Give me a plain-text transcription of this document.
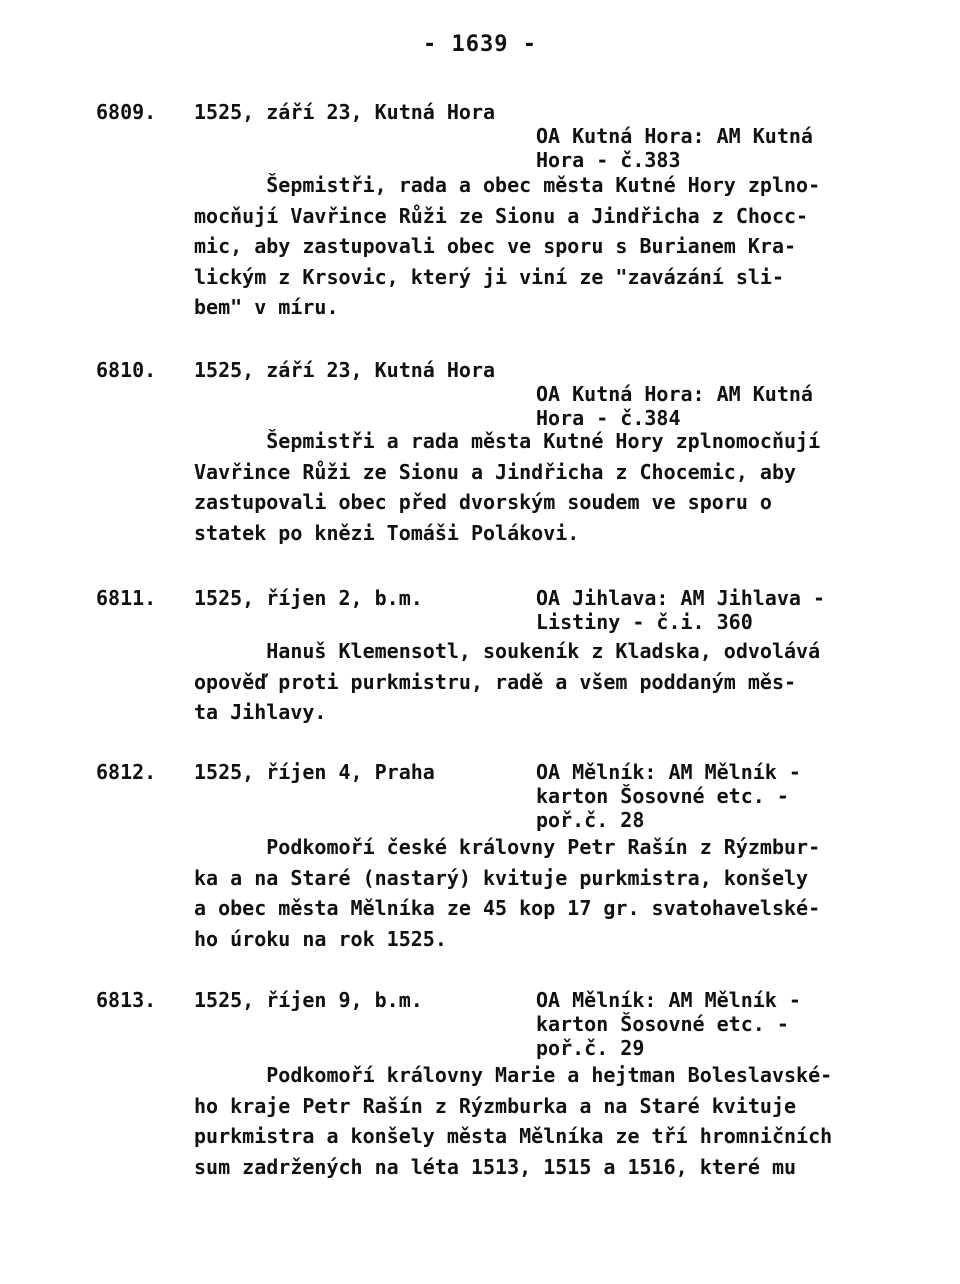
- 1639 -
6809. 1525, září 23, Kutná Hora
OA Kutná Hora: AM Kutná
Hora - č.383
Šepmistři, rada a obec města Kutné Hory zplno-
mocňují Vavřince Růži ze Sionu a Jindřicha z Chocc-
mic, aby zastupovali obec ve sporu s Burianem Kra-
lickým z Krsovic, který ji viní ze "zavázání sli-
bem" v míru.
6810. 1525, září 23, Kutná Hora
OA Kutná Hora: AM Kutná
Hora - č.384
Šepmistři a rada města Kutné Hory zplnomocňují
Vavřince Růži ze Sionu a Jindřicha z Chocemic, aby
zastupovali obec před dvorským soudem ve sporu o
statek po knězi Tomáši Polákovi.
6811. 1525, říjen 2, b.m.	OA Jihlava: AM Jihlava -
Listiny - č.i. 360
Hanuš Klemensotl, soukeník z Kladska, odvolává
opověď proti purkmistru, radě a všem poddaným měs-
ta Jihlavy.
6812. 1525, říjen 4, Praha	OA Mělník: AM Mělník -
karton Šosovné etc. -
poř.č. 28
Podkomoří české královny Petr Rašín z Rýzmbur-
ka a na Staré (nastarý) kvituje purkmistra, konšely
a obec města Mělníka ze 45 kop 17 gr. svatohavelské-
ho úroku na rok 1525.
6813. 1525, říjen 9, b.m.	OA Mělník: AM Mělník -
karton Šosovné etc. -
poř.č. 29
Podkomoří královny Marie a hejtman Boleslavské-
ho kraje Petr Rašín z Rýzmburka a na Staré kvituje
purkmistra a konšely města Mělníka ze tří hromničních
sum zadržených na léta 1513, 1515 a 1516, které mu
